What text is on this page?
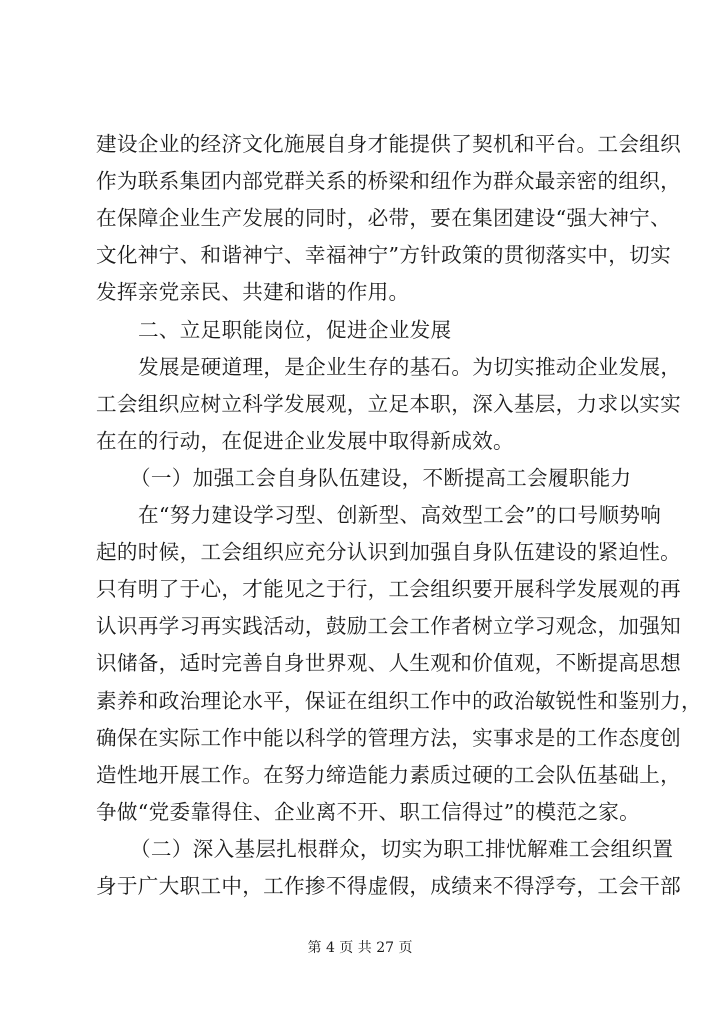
建设企业的经济文化施展自身才能提供了契机和平台。工会组织
作为联系集团内部党群关系的桥梁和纽作为群众最亲密的组织，
在保障企业生产发展的同时，必带，要在集团建设“强大神宁、
文化神宁、和谐神宁、幸福神宁”方针政策的贯彻落实中，切实
发挥亲党亲民、共建和谐的作用。
二、立足职能岗位，促进企业发展
发展是硬道理，是企业生存的基石。为切实推动企业发展，
工会组织应树立科学发展观，立足本职，深入基层，力求以实实
在在的行动，在促进企业发展中取得新成效。
（一）加强工会自身队伍建设，不断提高工会履职能力
在“努力建设学习型、创新型、高效型工会”的口号顺势响
起的时候，工会组织应充分认识到加强自身队伍建设的紧迫性。
只有明了于心，才能见之于行，工会组织要开展科学发展观的再
认识再学习再实践活动，鼓励工会工作者树立学习观念，加强知
识储备，适时完善自身世界观、人生观和价值观，不断提高思想
素养和政治理论水平，保证在组织工作中的政治敏锐性和鉴别力，
确保在实际工作中能以科学的管理方法，实事求是的工作态度创
造性地开展工作。在努力缔造能力素质过硬的工会队伍基础上，
争做“党委靠得住、企业离不开、职工信得过”的模范之家。
（二）深入基层扎根群众，切实为职工排忧解难工会组织置
身于广大职工中，工作掺不得虚假，成绩来不得浮夸，工会干部
第 4 页 共 27 页
